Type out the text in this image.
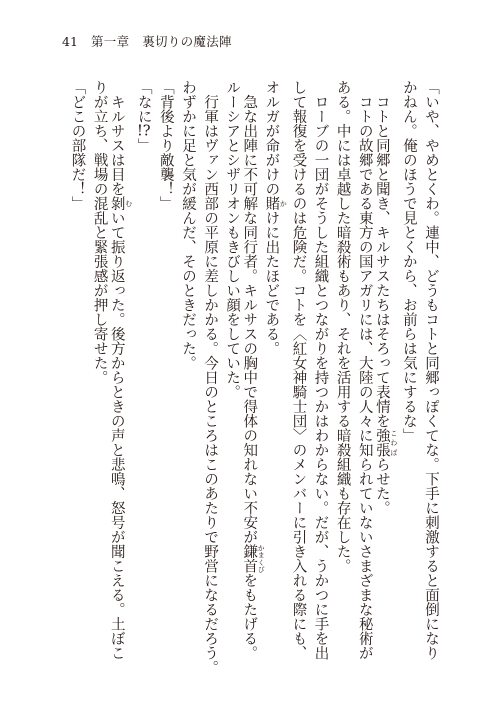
41 第一章　裏切りの魔法陣
「いや、やめとくわ。連中、どうもコトと同郷っぽくてな。下手に刺激すると面倒になり
かねん。俺のほうで見とくから、お前らは気にするな」
　コトと同郷と聞き、キルサスたちはそろって表情を強張 こわばらせた。
　コトの故郷である東方の国アガリには、大陸の人々に知られていないさまざまな秘術が
ある。中には卓越した暗殺術もあり、それを活用する暗殺組織も存在した。
　ローブの一団がそうした組織とつながりを持つかはわからない。だが、うかつに手を出
して報復を受けるのは危険だ。コトを〈紅女神騎士団〉のメンバーに引き入れる際にも、
オルガが命がけの賭 かけに出たほどである。
　急な出陣に不可解な同行者。キルサスの胸中で得体の知れない不安が鎌首 かまくびをもたげる。
ルーシアとシザリオンもきびしい顔をしていた。
　行軍はヴァン西部の平原に差しかかる。今日のところはこのあたりで野営になるだろう。
わずかに足と気が緩んだ、そのときだった。
「背後より敵襲！」
「なに!?」
　キルサスは目を剝 むいて振り返った。後方からときの声と悲鳴、怒号が聞こえる。土ぼこ
りが立ち、戦場の混乱と緊張感が押し寄せた。
「どこの部隊だ！」
